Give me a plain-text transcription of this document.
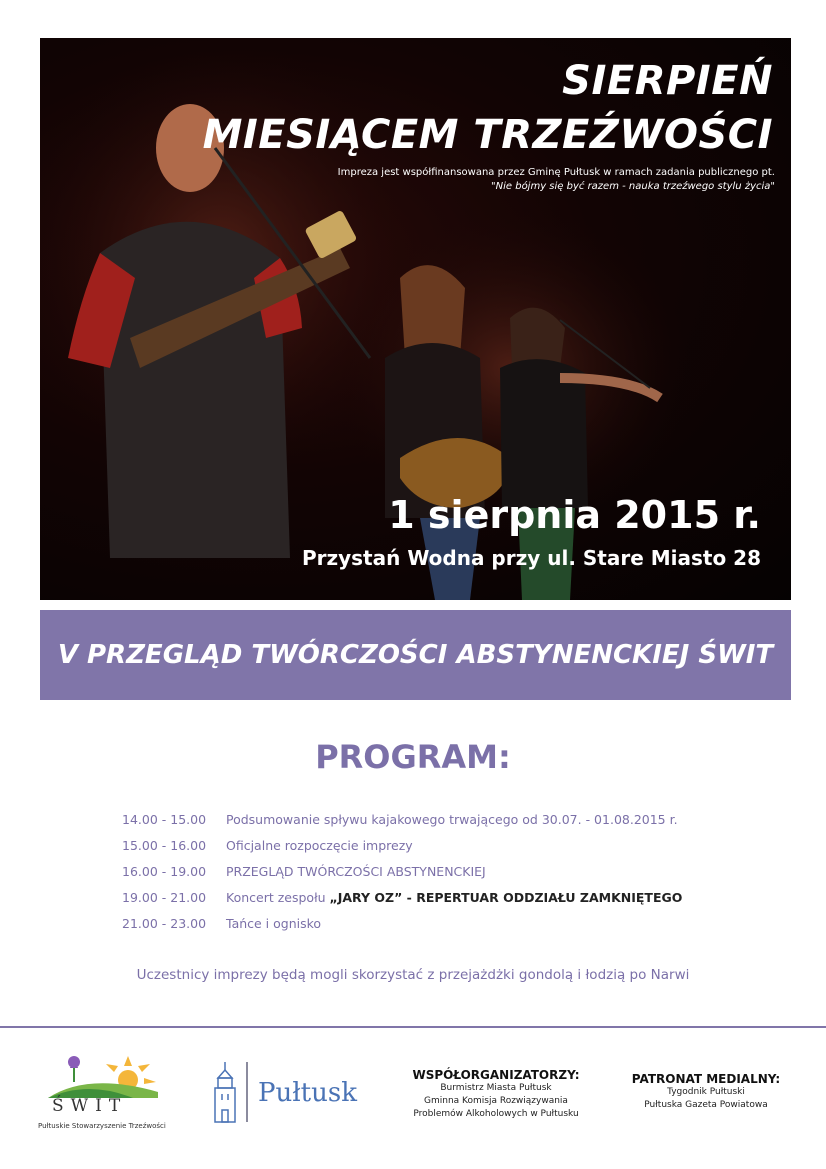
SIERPIEŃ
MIESIĄCEM TRZEŹWOŚCI
Impreza jest współfinansowana przez Gminę Pułtusk w ramach zadania publicznego pt.
"Nie bójmy się być razem - nauka trzeźwego stylu życia"
1 sierpnia 2015 r.
Przystań Wodna przy ul. Stare Miasto 28
V PRZEGLĄD TWÓRCZOŚCI ABSTYNENCKIEJ ŚWIT
PROGRAM:
14.00 - 15.00 Podsumowanie spływu kajakowego trwającego od 30.07. - 01.08.2015 r.
15.00 - 16.00 Oficjalne rozpoczęcie imprezy
16.00 - 19.00 PRZEGLĄD TWÓRCZOŚCI ABSTYNENCKIEJ
19.00 - 21.00 Koncert zespołu „JARY OZ” - REPERTUAR ODDZIAŁU ZAMKNIĘTEGO
21.00 - 23.00 Tańce i ognisko
Uczestnicy imprezy będą mogli skorzystać z przejażdżki gondolą i łodzią po Narwi
ŚWIT
Pułtuskie Stowarzyszenie Trzeźwości
Pułtusk
WSPÓŁORGANIZATORZY:
Burmistrz Miasta Pułtusk
Gminna Komisja Rozwiązywania
Problemów Alkoholowych w Pułtusku
PATRONAT MEDIALNY:
Tygodnik Pułtuski
Pułtuska Gazeta Powiatowa
